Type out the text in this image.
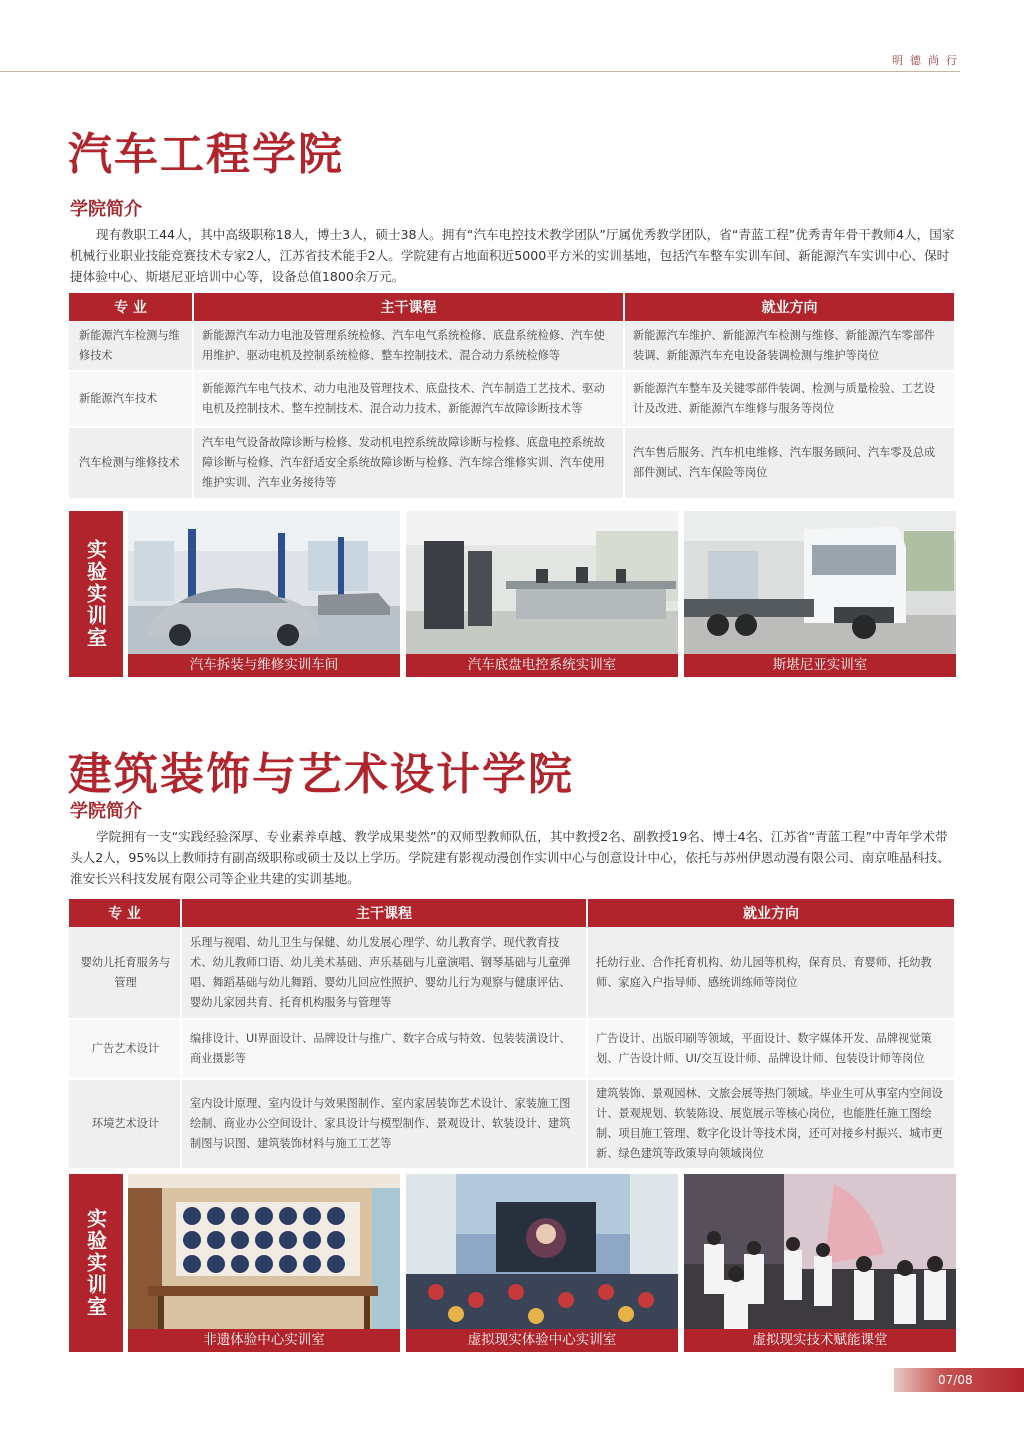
明德尚行
汽车工程学院
学院简介

现有教职工44人，其中高级职称18人，博士3人，硕士38人。拥有“汽车电控技术教学团队”厅属优秀教学团队，省“青蓝工程”优秀青年骨干教师4人，国家机械行业职业技能竞赛技术专家2人，江苏省技术能手2人。学院建有占地面积近5000平方米的实训基地，包括汽车整车实训车间、新能源汽车实训中心、保时捷体验中心、斯堪尼亚培训中心等，设备总值1800余万元。

专 业	主干课程	就业方向
新能源汽车检测与维修技术	新能源汽车动力电池及管理系统检修、汽车电气系统检修、底盘系统检修、汽车使用维护、驱动电机及控制系统检修、整车控制技术、混合动力系统检修等	新能源汽车维护、新能源汽车检测与维修、新能源汽车零部件装调、新能源汽车充电设备装调检测与维护等岗位
新能源汽车技术	新能源汽车电气技术、动力电池及管理技术、底盘技术、汽车制造工艺技术、驱动电机及控制技术、整车控制技术、混合动力技术、新能源汽车故障诊断技术等	新能源汽车整车及关键零部件装调、检测与质量检验、工艺设计及改进、新能源汽车维修与服务等岗位
汽车检测与维修技术	汽车电气设备故障诊断与检修、发动机电控系统故障诊断与检修、底盘电控系统故障诊断与检修、汽车舒适安全系统故障诊断与检修、汽车综合维修实训、汽车使用维护实训、汽车业务接待等	汽车售后服务、汽车机电维修、汽车服务顾问、汽车零及总成部件测试、汽车保险等岗位
实验实训室
汽车拆装与维修实训车间	汽车底盘电控系统实训室	斯堪尼亚实训室
建筑装饰与艺术设计学院
学院简介

学院拥有一支“实践经验深厚、专业素养卓越、教学成果斐然”的双师型教师队伍，其中教授2名、副教授19名、博士4名、江苏省“青蓝工程”中青年学术带头人2人，95%以上教师持有副高级职称或硕士及以上学历。学院建有影视动漫创作实训中心与创意设计中心，依托与苏州伊恩动漫有限公司、南京唯晶科技、淮安长兴科技发展有限公司等企业共建的实训基地。

专 业	主干课程	就业方向
婴幼儿托育服务与管理	乐理与视唱、幼儿卫生与保健、幼儿发展心理学、幼儿教育学、现代教育技术、幼儿教师口语、幼儿美术基础、声乐基础与儿童演唱、钢琴基础与儿童弹唱、舞蹈基础与幼儿舞蹈、婴幼儿回应性照护、婴幼儿行为观察与健康评估、婴幼儿家园共育、托育机构服务与管理等	托幼行业、合作托育机构、幼儿园等机构，保育员、育婴师、托幼教师、家庭入户指导师、感统训练师等岗位
广告艺术设计	编排设计、UI界面设计、品牌设计与推广、数字合成与特效、包装装潢设计、商业摄影等	广告设计、出版印刷等领域，平面设计、数字媒体开发、品牌视觉策划、广告设计师、UI/交互设计师、品牌设计师、包装设计师等岗位
环境艺术设计	室内设计原理、室内设计与效果图制作、室内家居装饰艺术设计、家装施工图绘制、商业办公空间设计、家具设计与模型制作、景观设计、软装设计、建筑制图与识图、建筑装饰材料与施工工艺等	建筑装饰、景观园林、文旅会展等热门领域。毕业生可从事室内空间设计、景观规划、软装陈设、展览展示等核心岗位，也能胜任施工图绘制、项目施工管理、数字化设计等技术岗，还可对接乡村振兴、城市更新、绿色建筑等政策导向领域岗位
实验实训室
非遗体验中心实训室	虚拟现实体验中心实训室	虚拟现实技术赋能课堂
07/08
